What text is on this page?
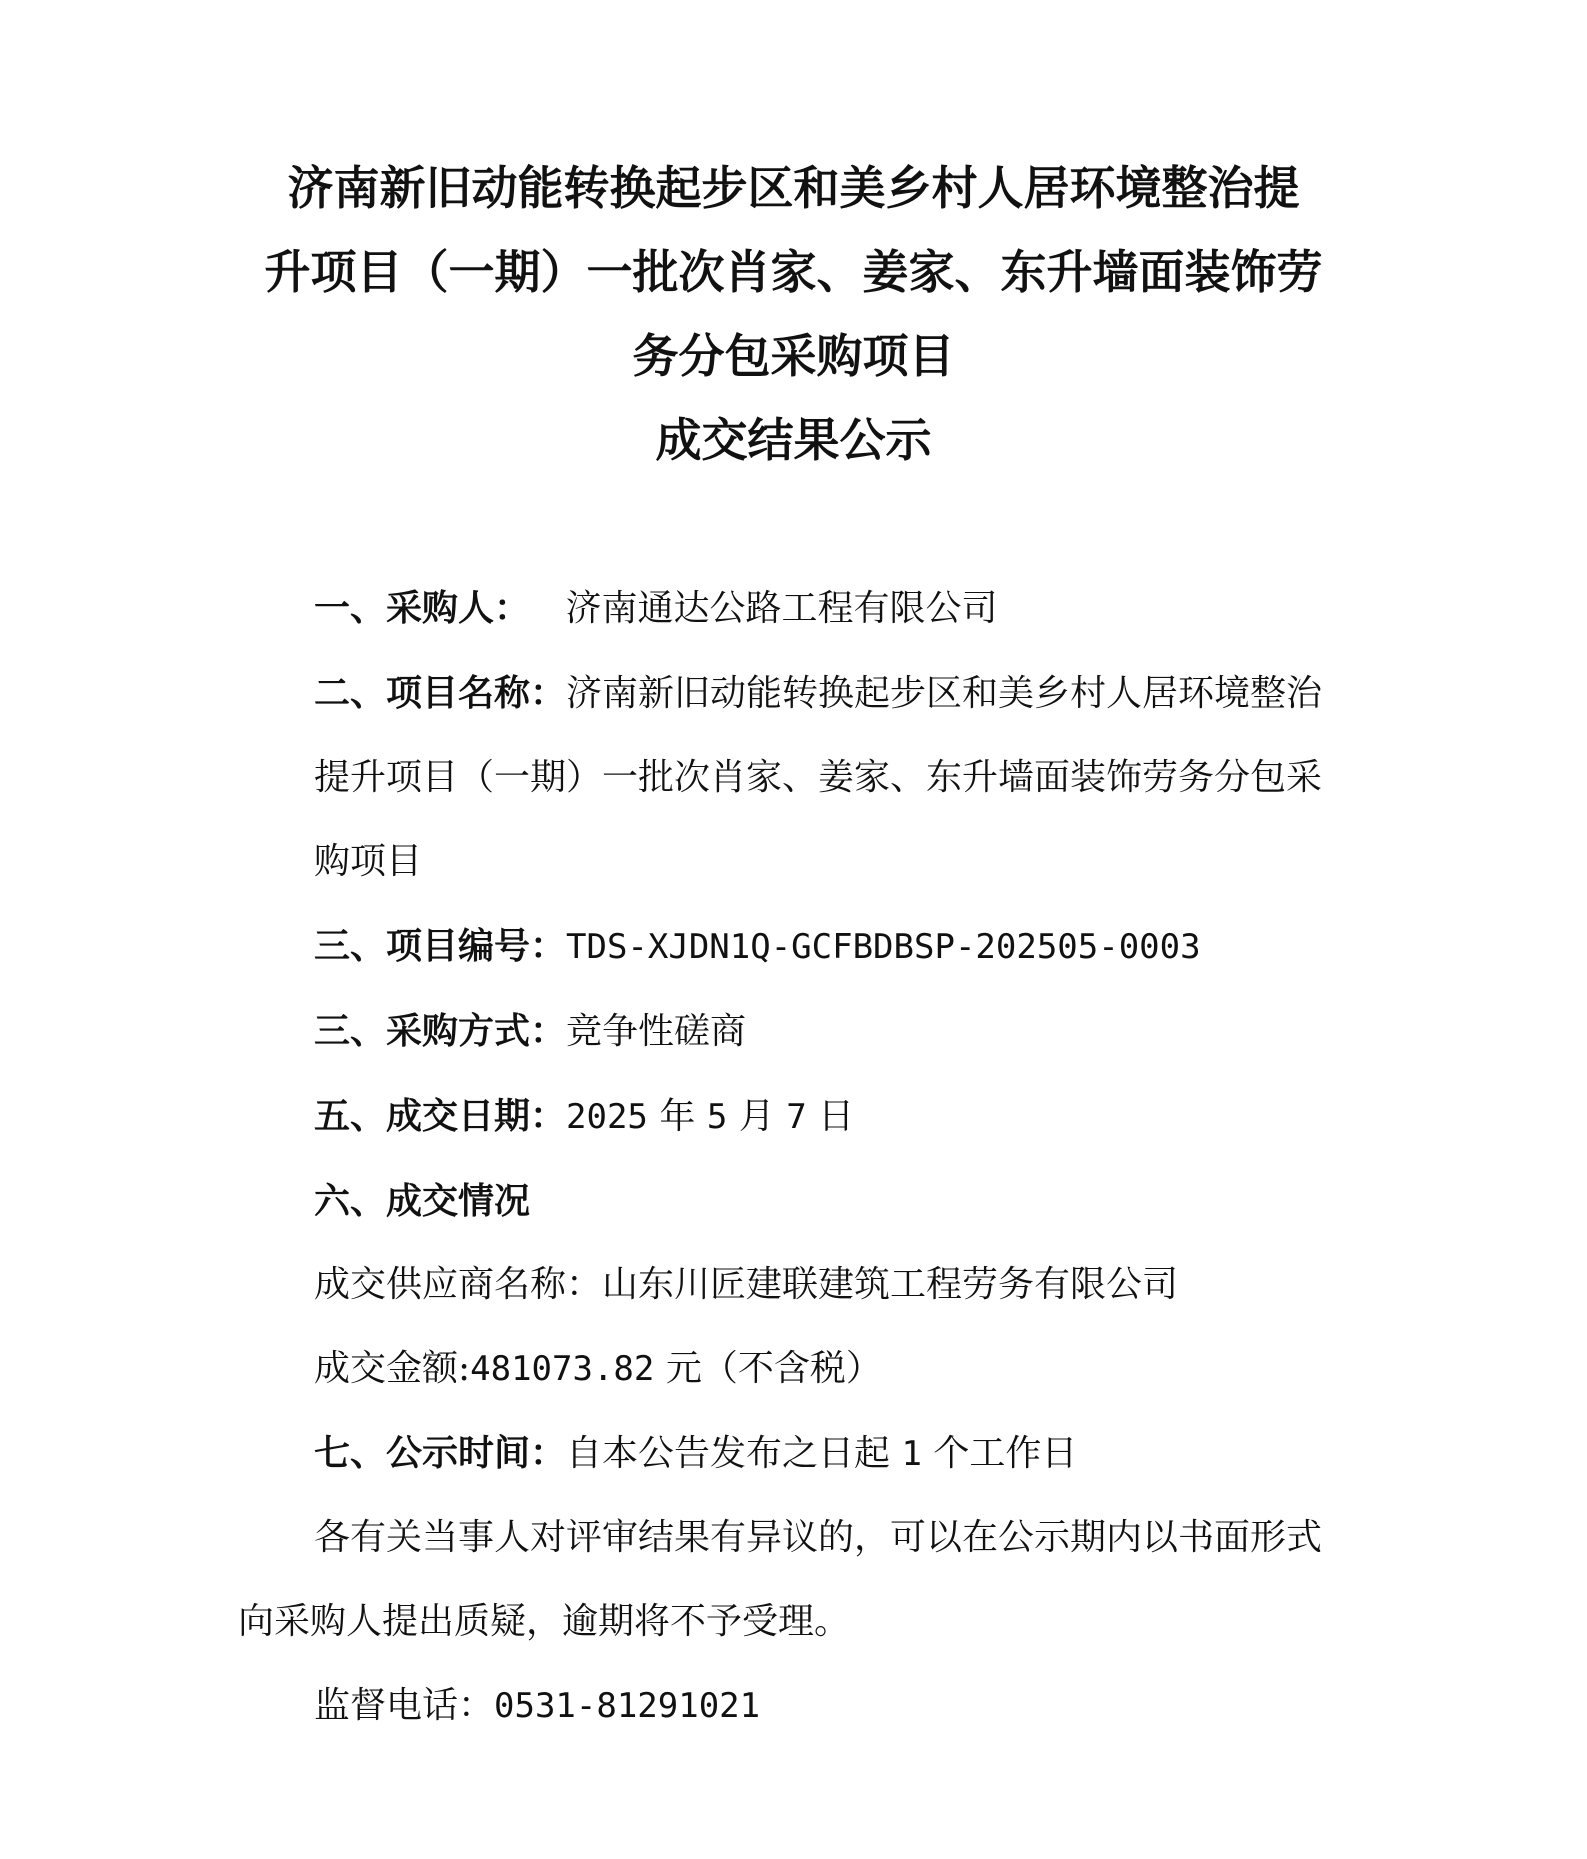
济南新旧动能转换起步区和美乡村人居环境整治提
升项目（一期）一批次肖家、姜家、东升墙面装饰劳
务分包采购项目
成交结果公示
一、采购人： 济南通达公路工程有限公司
二、项目名称：济南新旧动能转换起步区和美乡村人居环境整治
提升项目（一期）一批次肖家、姜家、东升墙面装饰劳务分包采
购项目
三、项目编号：TDS-XJDN1Q-GCFBDBSP-202505-0003
三、采购方式：竞争性磋商
五、成交日期：2025 年 5 月 7 日
六、成交情况
成交供应商名称：山东川匠建联建筑工程劳务有限公司
成交金额:481073.82 元（不含税）
七、公示时间：自本公告发布之日起 1 个工作日
各有关当事人对评审结果有异议的，可以在公示期内以书面形式
向采购人提出质疑，逾期将不予受理。
监督电话：0531-81291021
